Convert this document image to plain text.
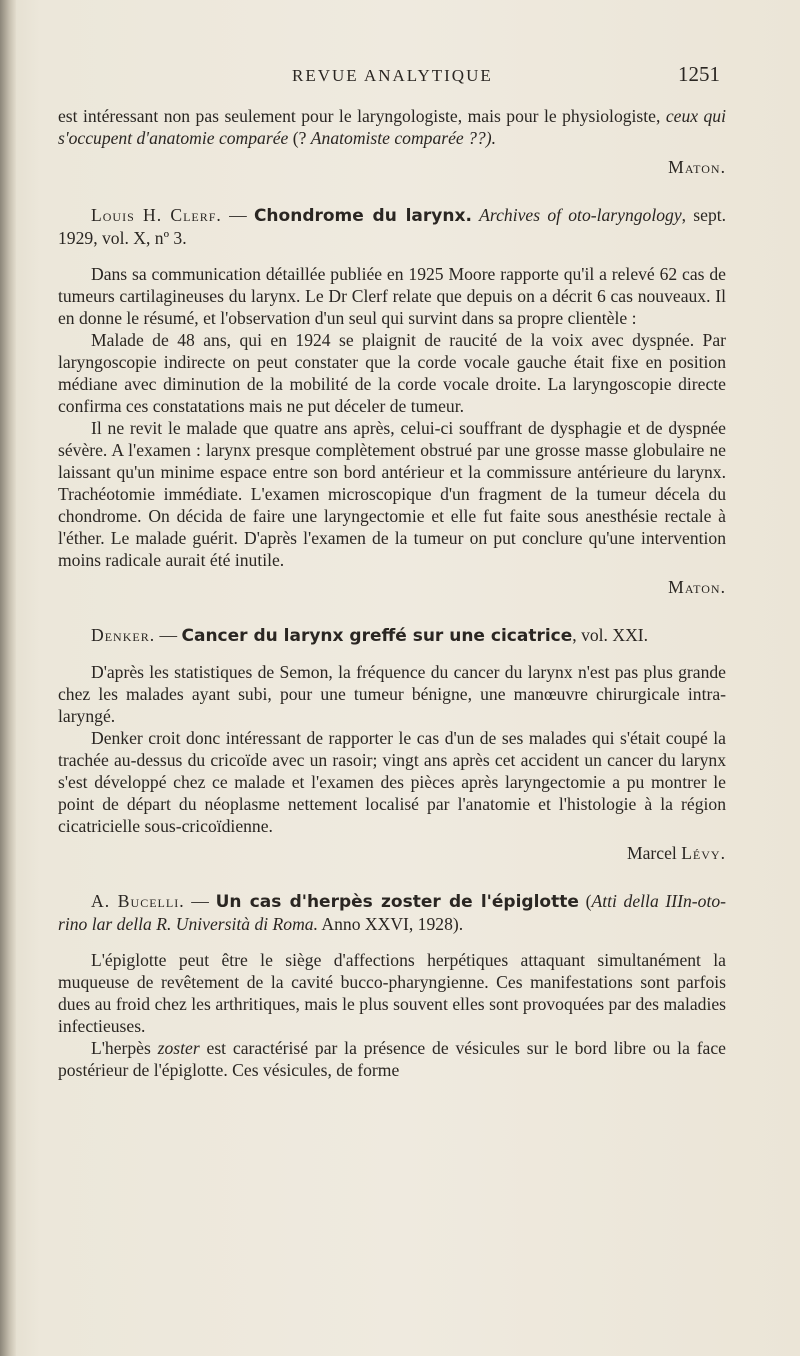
REVUE ANALYTIQUE	1251

est intéressant non pas seulement pour le laryngologiste, mais pour le physiologiste, ceux qui s'occupent d'anatomie comparée (? Anatomiste comparée ??).

Maton.

Louis H. Clerf. — Chondrome du larynx. Archives of oto-laryngology, sept. 1929, vol. X, nº 3.

Dans sa communication détaillée publiée en 1925 Moore rapporte qu'il a relevé 62 cas de tumeurs cartilagineuses du larynx. Le Dr Clerf relate que depuis on a décrit 6 cas nouveaux. Il en donne le résumé, et l'observation d'un seul qui survint dans sa propre clientèle :

Malade de 48 ans, qui en 1924 se plaignit de raucité de la voix avec dyspnée. Par laryngoscopie indirecte on peut constater que la corde vocale gauche était fixe en position médiane avec diminution de la mobilité de la corde vocale droite. La laryngoscopie directe confirma ces constatations mais ne put déceler de tumeur.

Il ne revit le malade que quatre ans après, celui-ci souffrant de dysphagie et de dyspnée sévère. A l'examen : larynx presque complètement obstrué par une grosse masse globulaire ne laissant qu'un minime espace entre son bord antérieur et la commissure antérieure du larynx. Trachéotomie immédiate. L'examen microscopique d'un fragment de la tumeur décela du chondrome. On décida de faire une laryngectomie et elle fut faite sous anesthésie rectale à l'éther. Le malade guérit. D'après l'examen de la tumeur on put conclure qu'une intervention moins radicale aurait été inutile.

Maton.

Denker. — Cancer du larynx greffé sur une cicatrice, vol. XXI.

D'après les statistiques de Semon, la fréquence du cancer du larynx n'est pas plus grande chez les malades ayant subi, pour une tumeur bénigne, une manœuvre chirurgicale intra-laryngé.

Denker croit donc intéressant de rapporter le cas d'un de ses malades qui s'était coupé la trachée au-dessus du cricoïde avec un rasoir; vingt ans après cet accident un cancer du larynx s'est développé chez ce malade et l'examen des pièces après laryngectomie a pu montrer le point de départ du néoplasme nettement localisé par l'anatomie et l'histologie à la région cicatricielle sous-cricoïdienne.

Marcel Lévy.

A. Bucelli. — Un cas d'herpès zoster de l'épiglotte (Atti della IIIn-oto-rino lar della R. Università di Roma. Anno XXVI, 1928).

L'épiglotte peut être le siège d'affections herpétiques attaquant simultanément la muqueuse de revêtement de la cavité bucco-pharyngienne. Ces manifestations sont parfois dues au froid chez les arthritiques, mais le plus souvent elles sont provoquées par des maladies infectieuses.

L'herpès zoster est caractérisé par la présence de vésicules sur le bord libre ou la face postérieur de l'épiglotte. Ces vésicules, de forme
